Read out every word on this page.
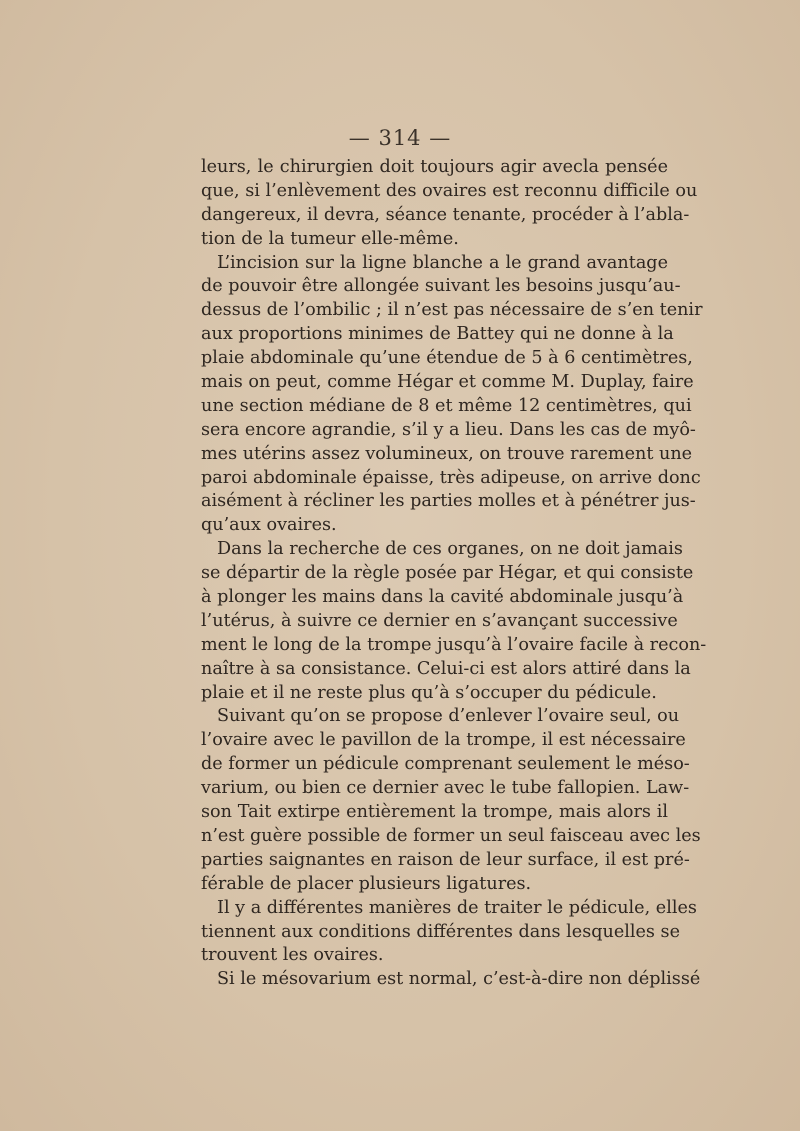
— 314 —
leurs, le chirurgien doit toujours agir avecla pensée
que, si l’enlèvement des ovaires est reconnu difficile ou
dangereux, il devra, séance tenante, procéder à l’abla-
tion de la tumeur elle-même.
L’incision sur la ligne blanche a le grand avantage
de pouvoir être allongée suivant les besoins jusqu’au-
dessus de l’ombilic ; il n’est pas nécessaire de s’en tenir
aux proportions minimes de Battey qui ne donne à la
plaie abdominale qu’une étendue de 5 à 6 centimètres,
mais on peut, comme Hégar et comme M. Duplay, faire
une section médiane de 8 et même 12 centimètres, qui
sera encore agrandie, s’il y a lieu. Dans les cas de myô-
mes utérins assez volumineux, on trouve rarement une
paroi abdominale épaisse, très adipeuse, on arrive donc
aisément à récliner les parties molles et à pénétrer jus-
qu’aux ovaires.
Dans la recherche de ces organes, on ne doit jamais
se départir de la règle posée par Hégar, et qui consiste
à plonger les mains dans la cavité abdominale jusqu’à
l’utérus, à suivre ce dernier en s’avançant successive
ment le long de la trompe jusqu’à l’ovaire facile à recon-
naître à sa consistance. Celui-ci est alors attiré dans la
plaie et il ne reste plus qu’à s’occuper du pédicule.
Suivant qu’on se propose d’enlever l’ovaire seul, ou
l’ovaire avec le pavillon de la trompe, il est nécessaire
de former un pédicule comprenant seulement le méso-
varium, ou bien ce dernier avec le tube fallopien. Law-
son Tait extirpe entièrement la trompe, mais alors il
n’est guère possible de former un seul faisceau avec les
parties saignantes en raison de leur surface, il est pré-
férable de placer plusieurs ligatures.
Il y a différentes manières de traiter le pédicule, elles
tiennent aux conditions différentes dans lesquelles se
trouvent les ovaires.
Si le mésovarium est normal, c’est-à-dire non déplissé
